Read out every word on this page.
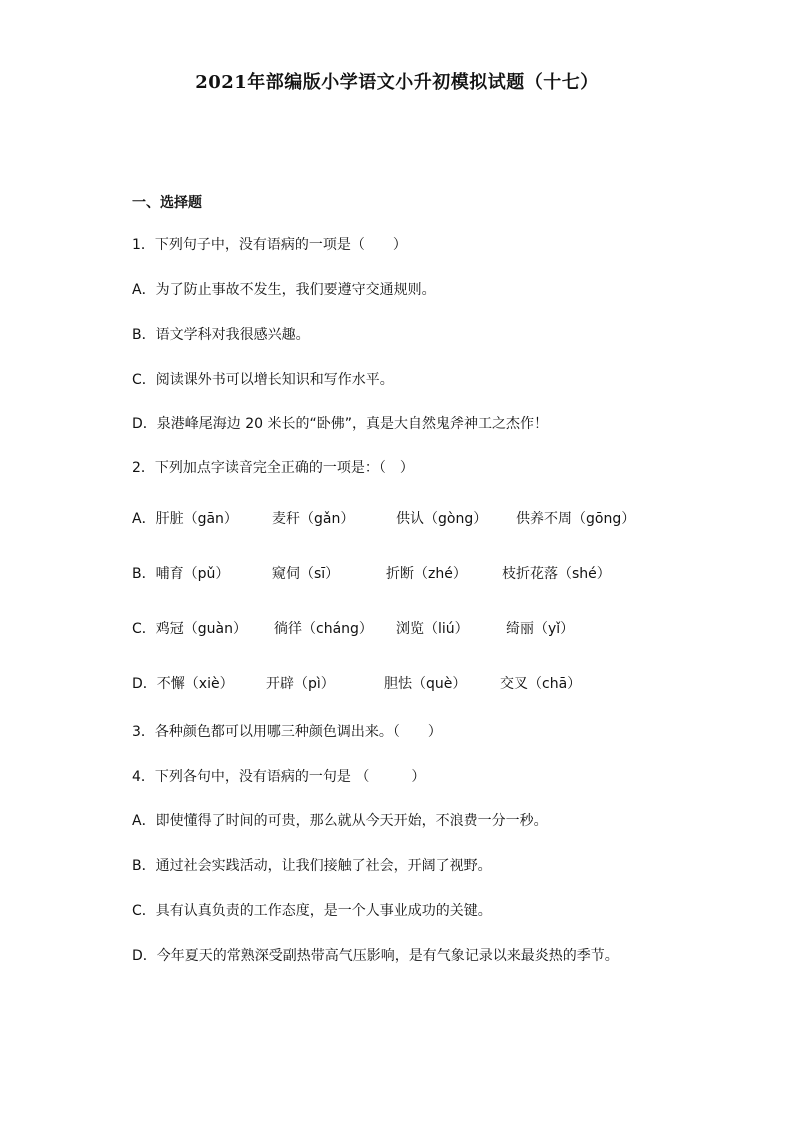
2021年部编版小学语文小升初模拟试题（十七）
一、选择题
1．下列句子中，没有语病的一项是（　　）
A．为了防止事故不发生，我们要遵守交通规则。
B．语文学科对我很感兴趣。
C．阅读课外书可以增长知识和写作水平。
D．泉港峰尾海边 20 米长的“卧佛”，真是大自然鬼斧神工之杰作！
2．下列加点字读音完全正确的一项是：（　）
A．肝脏（gān） 麦秆（gǎn）	供认（gòng） 供养不周（gōng）
B．哺育（pǔ）	窥伺（sī）	折断（zhé）	枝折花落（shé）
C．鸡冠（guàn） 徜徉（cháng） 浏览（liú）	绮丽（yǐ）
D．不懈（xiè） 开辟（pì）	胆怯（què） 交叉（chā）
3．各种颜色都可以用哪三种颜色调出来。（　　）
4．下列各句中，没有语病的一句是 （　　　）
A．即使懂得了时间的可贵，那么就从今天开始，不浪费一分一秒。
B．通过社会实践活动，让我们接触了社会，开阔了视野。
C．具有认真负责的工作态度，是一个人事业成功的关键。
D．今年夏天的常熟深受副热带高气压影响，是有气象记录以来最炎热的季节。
